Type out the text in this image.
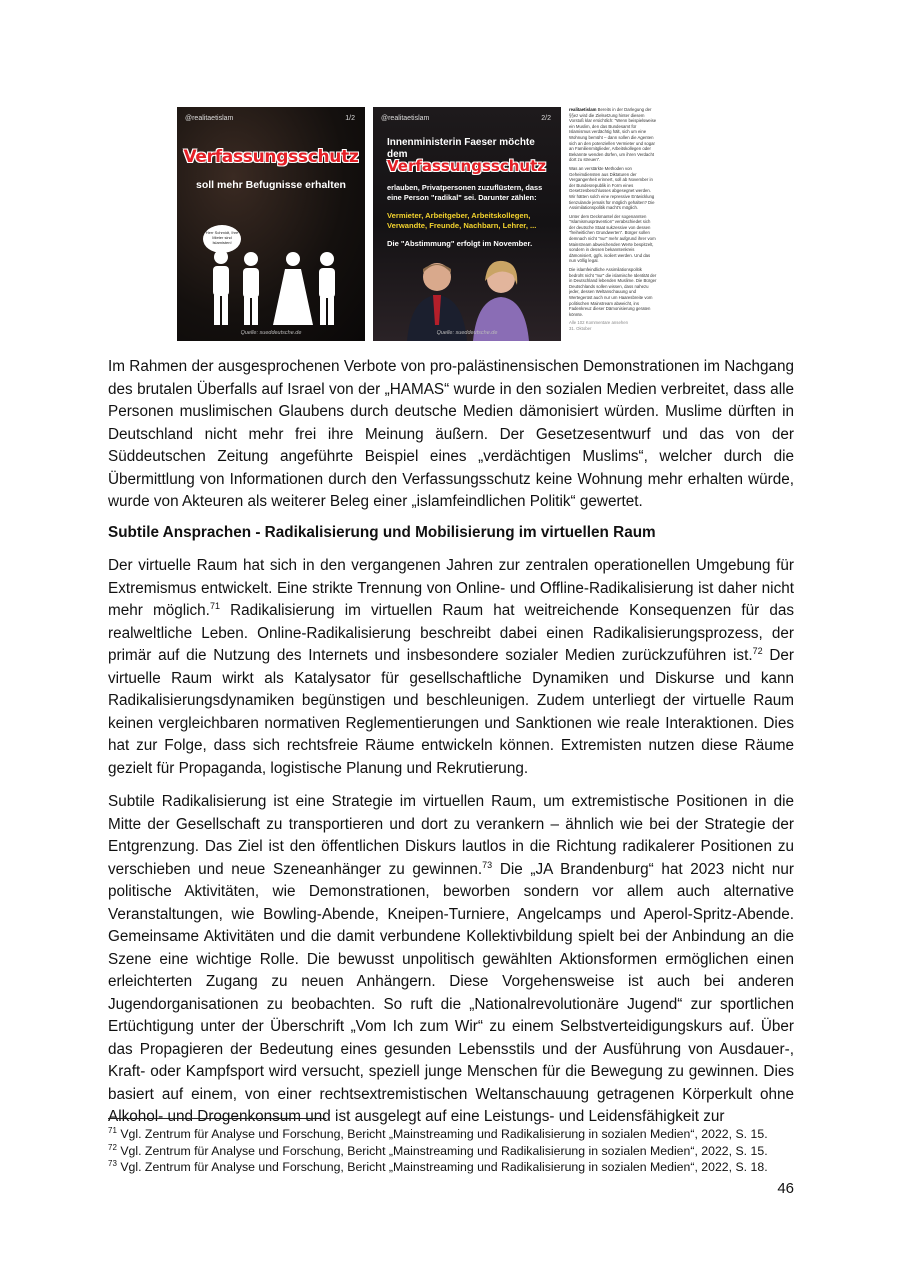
@realitaetislam	1/2
Verfassungsschutz
soll mehr Befugnisse erhalten
Herr Schmidt, Ihre Mieter sind Islamisten!
Quelle: sueddeutsche.de
@realitaetislam	2/2
Innenministerin Faeser möchte dem
Verfassungsschutz
erlauben, Privatpersonen zuzuflüstern, dass eine Person "radikal" sei. Darunter zählen:
Vermieter, Arbeitgeber, Arbeitskollegen, Verwandte, Freunde, Nachbarn, Lehrer, ...
Die "Abstimmung" erfolgt im November.
Quelle: sueddeutsche.de

realitaetislam Bereits in der Darlegung der §§ez wird die Zielsetzung hinter diesem Vorstoß klar ersichtlich: "Wenn beispielsweise ein Muslim, den das Bundesamt für Islamismus verdächtig hält, sich um eine Wohnung bemüht – dann sollen die Agenten sich an den potenziellen Vermieter und sogar an Familienmitglieder, Arbeitskollegen oder Bekannte wenden dürfen, um ihren Verdacht dort zu streuen".

Was an verstärkte Methoden von Geheimdiensten aus Diktaturen der Vergangenheit erinnert, soll ab November in der Bundesrepublik in Form eines Gesetzesbeschlusses abgesegnet werden. Wir hätten solch eine repressive Entwicklung tienzulande jemals für möglich gehalten? Die Assimilationspolitik macht's möglich.

Unter dem Deckmantel der sogenannten "Islamismusprävention" verabschiedet sich der deutsche Staat sukzessive von dessen "freiheitlichen Grundwerten". Bürger sollen demnach nicht "nur" mehr aufgrund ihrer vom Mainstream abweichenden Werte bespitzelt, sondern in dessen bekanntenkreis dämonisiert, ggfs. isoliert werden. Und das nun völlig legal.

Die islamfeindliche Assimilationspolitik bedroht nicht "nur" die islamische Identität der in Deutschland lebenden Muslime. Die Bürger Deutschlands sollen wissen, dass nahezu jeder, dessen Weltanschauung und Wertegerüst auch nur um Haaresbreite vom politischen Mainstream abweicht, ins Fadenkreuz dieser Dämonisierung geraten könnte.

Alle 102 Kommentare ansehen
31. Oktober
Im Rahmen der ausgesprochenen Verbote von pro-palästinensischen Demonstrationen im Nachgang des brutalen Überfalls auf Israel von der „HAMAS“ wurde in den sozialen Medien verbreitet, dass alle Personen muslimischen Glaubens durch deutsche Medien dämonisiert würden. Muslime dürften in Deutschland nicht mehr frei ihre Meinung äußern. Der Gesetzesentwurf und das von der Süddeutschen Zeitung angeführte Beispiel eines „verdächtigen Muslims“, welcher durch die Übermittlung von Informationen durch den Verfassungsschutz keine Wohnung mehr erhalten würde, wurde von Akteuren als weiterer Beleg einer „islamfeindlichen Politik“ gewertet.
Subtile Ansprachen - Radikalisierung und Mobilisierung im virtuellen Raum
Der virtuelle Raum hat sich in den vergangenen Jahren zur zentralen operationellen Umgebung für Extremismus entwickelt. Eine strikte Trennung von Online- und Offline-Radikalisierung ist daher nicht mehr möglich.$^{71}$ Radikalisierung im virtuellen Raum hat weitreichende Konsequenzen für das realweltliche Leben. Online-Radikalisierung beschreibt dabei einen Radikalisierungsprozess, der primär auf die Nutzung des Internets und insbesondere sozialer Medien zurückzuführen ist.$^{72}$ Der virtuelle Raum wirkt als Katalysator für gesellschaftliche Dynamiken und Diskurse und kann Radikalisierungsdynamiken begünstigen und beschleunigen. Zudem unterliegt der virtuelle Raum keinen vergleichbaren normativen Reglementierungen und Sanktionen wie reale Interaktionen. Dies hat zur Folge, dass sich rechtsfreie Räume entwickeln können. Extremisten nutzen diese Räume gezielt für Propaganda, logistische Planung und Rekrutierung.
Subtile Radikalisierung ist eine Strategie im virtuellen Raum, um extremistische Positionen in die Mitte der Gesellschaft zu transportieren und dort zu verankern – ähnlich wie bei der Strategie der Entgrenzung. Das Ziel ist den öffentlichen Diskurs lautlos in die Richtung radikalerer Positionen zu verschieben und neue Szeneanhänger zu gewinnen.$^{73}$ Die „JA Brandenburg“ hat 2023 nicht nur politische Aktivitäten, wie Demonstrationen, beworben sondern vor allem auch alternative Veranstaltungen, wie Bowling-Abende, Kneipen-Turniere, Angelcamps und Aperol-Spritz-Abende. Gemeinsame Aktivitäten und die damit verbundene Kollektivbildung spielt bei der Anbindung an die Szene eine wichtige Rolle. Die bewusst unpolitisch gewählten Aktionsformen ermöglichen einen erleichterten Zugang zu neuen Anhängern. Diese Vorgehensweise ist auch bei anderen Jugendorganisationen zu beobachten. So ruft die „Nationalrevolutionäre Jugend“ zur sportlichen Ertüchtigung unter der Überschrift „Vom Ich zum Wir“ zu einem Selbstverteidigungskurs auf. Über das Propagieren der Bedeutung eines gesunden Lebensstils und der Ausführung von Ausdauer-, Kraft- oder Kampfsport wird versucht, speziell junge Menschen für die Bewegung zu gewinnen. Dies basiert auf einem, von einer rechtsextremistischen Weltanschauung getragenen Körperkult ohne Alkohol- und Drogenkonsum und ist ausgelegt auf eine Leistungs- und Leidensfähigkeit zur
$^{71}$ Vgl. Zentrum für Analyse und Forschung, Bericht „Mainstreaming und Radikalisierung in sozialen Medien“, 2022, S. 15.
$^{72}$ Vgl. Zentrum für Analyse und Forschung, Bericht „Mainstreaming und Radikalisierung in sozialen Medien“, 2022, S. 15.
$^{73}$ Vgl. Zentrum für Analyse und Forschung, Bericht „Mainstreaming und Radikalisierung in sozialen Medien“, 2022, S. 18.
46
